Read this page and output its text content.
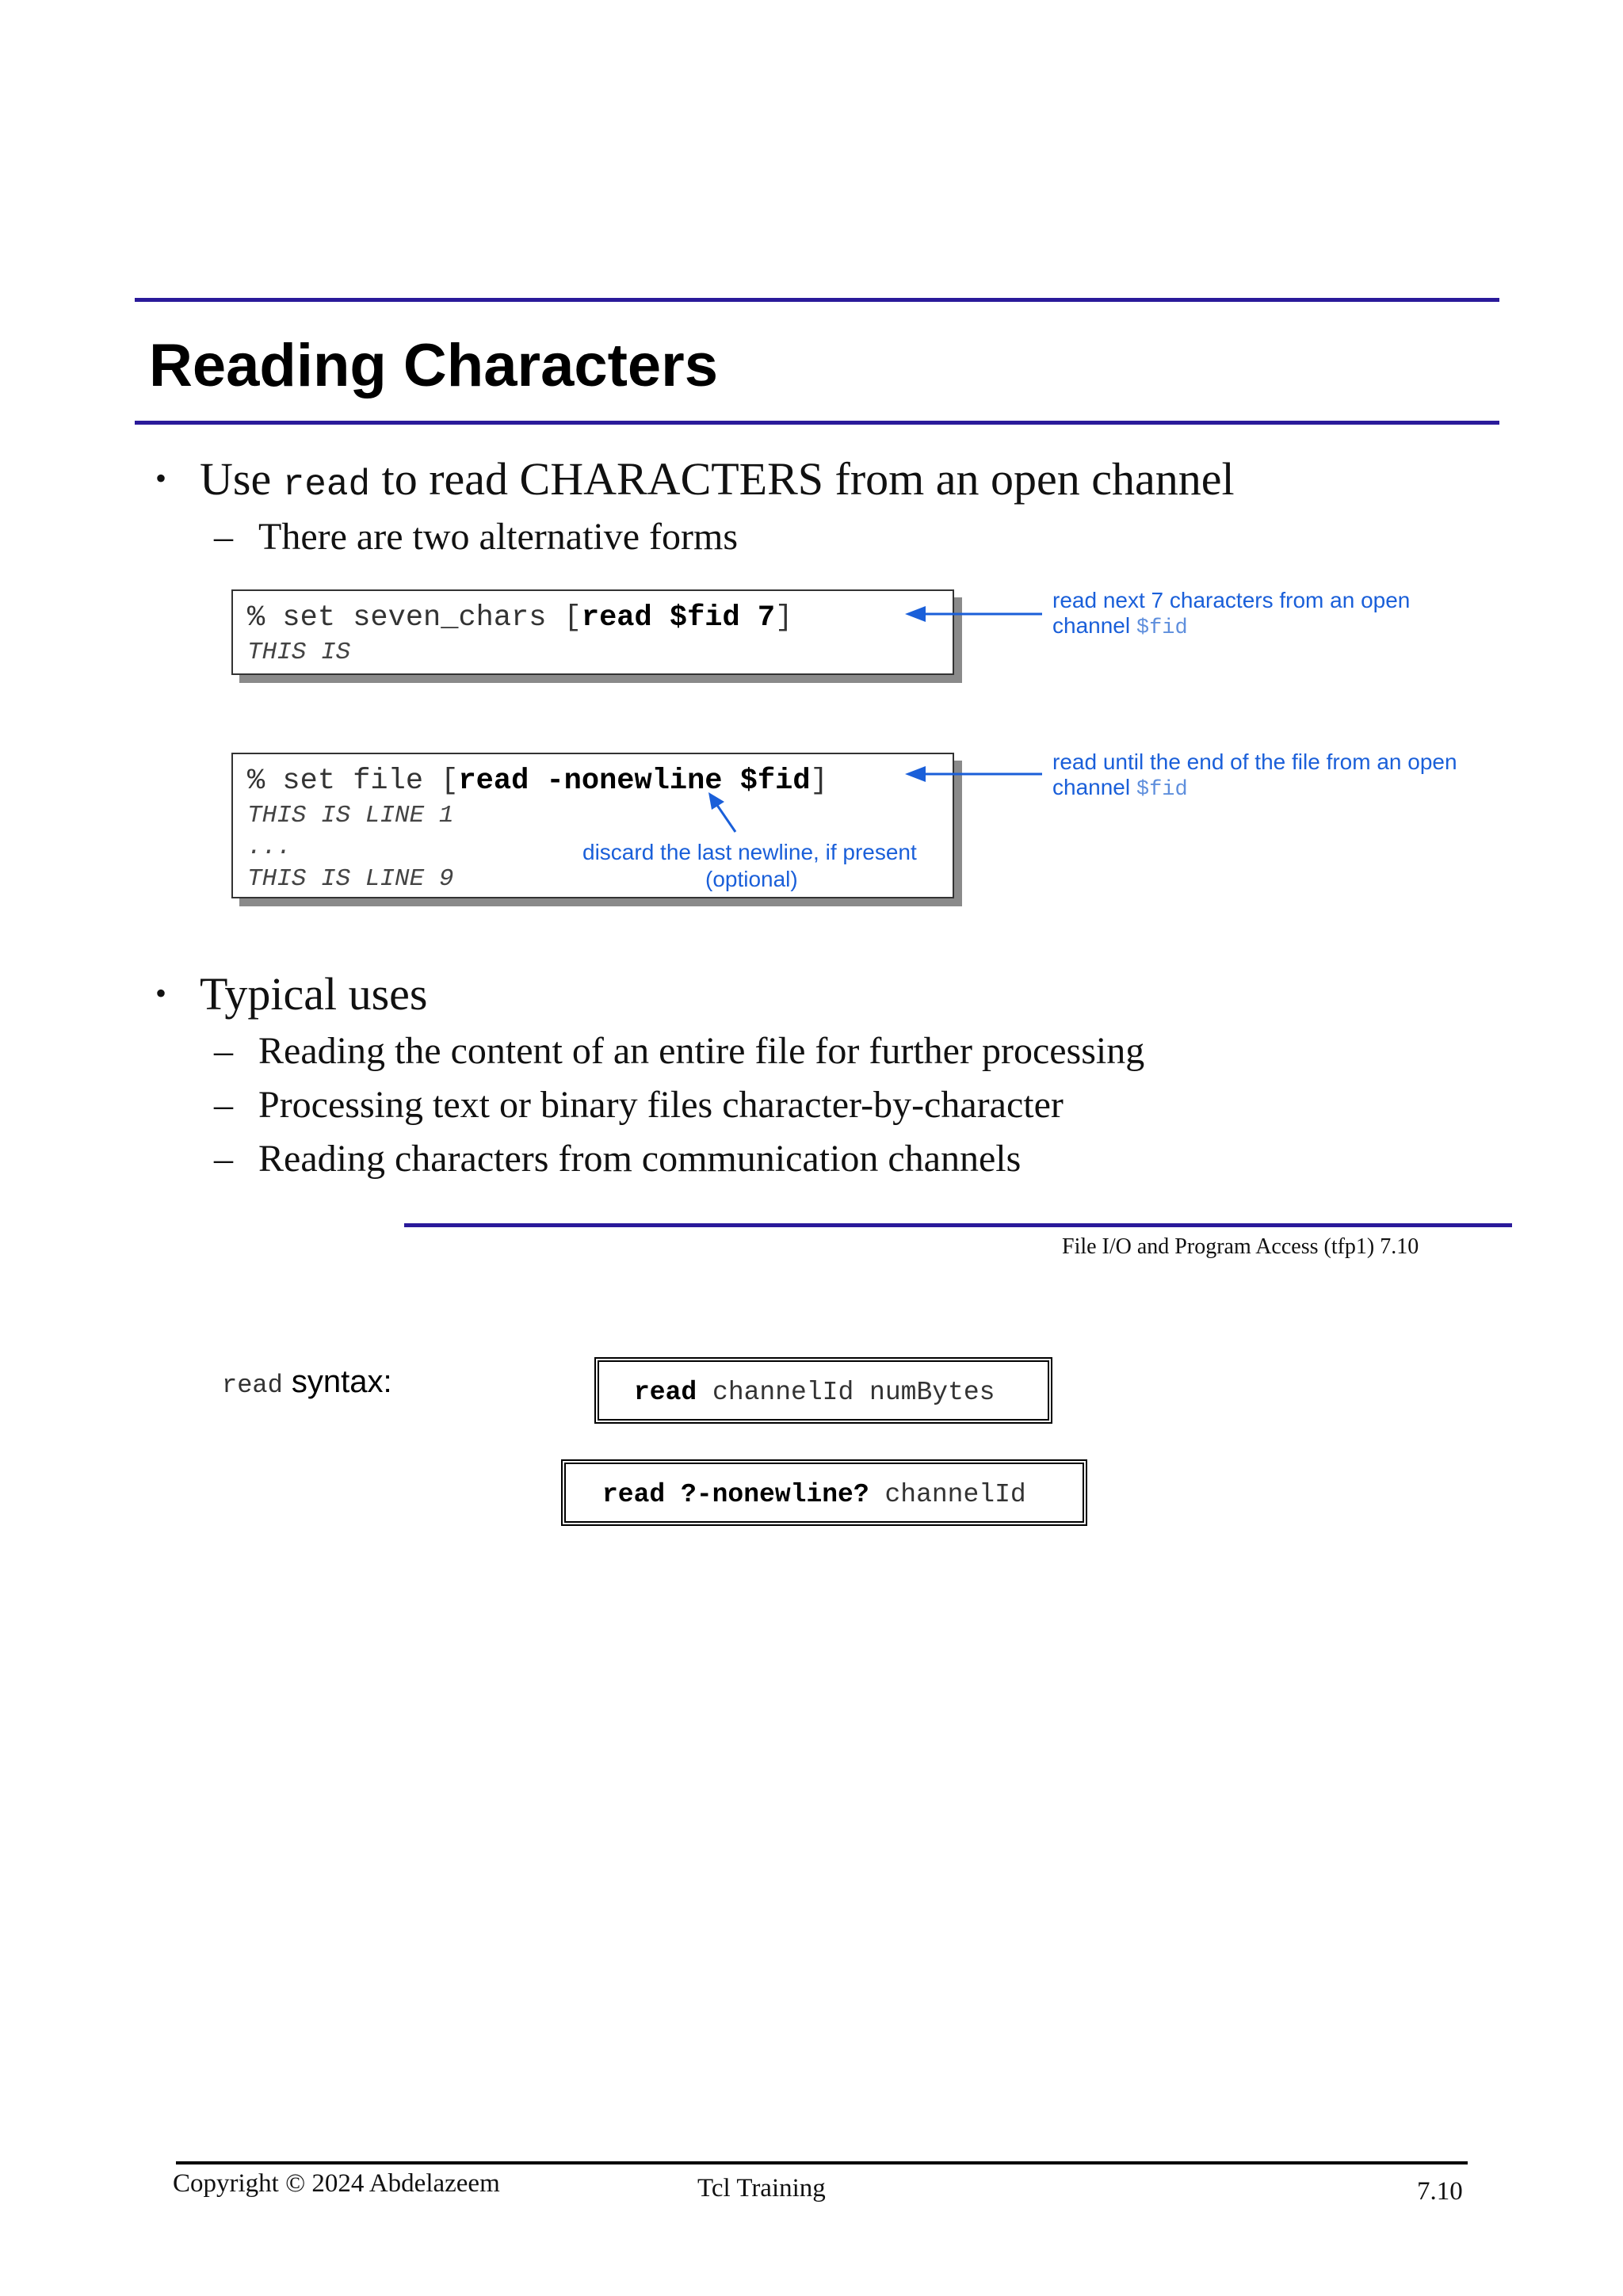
Reading Characters
• Use read to read CHARACTERS from an open channel
– There are two alternative forms
% set seven_chars [read $fid 7]
THIS IS
read next 7 characters from an open
channel $fid
% set file [read -nonewline $fid]
THIS IS LINE 1
...
THIS IS LINE 9
discard the last newline, if present
(optional)
read until the end of the file from an open
channel $fid
• Typical uses
– Reading the content of an entire file for further processing
– Processing text or binary files character-by-character
– Reading characters from communication channels
File I/O and Program Access (tfp1) 7.10
read syntax:	read channelId numBytes
read ?-nonewline? channelId
Copyright © 2024 Abdelazeem	Tcl Training	7.10
